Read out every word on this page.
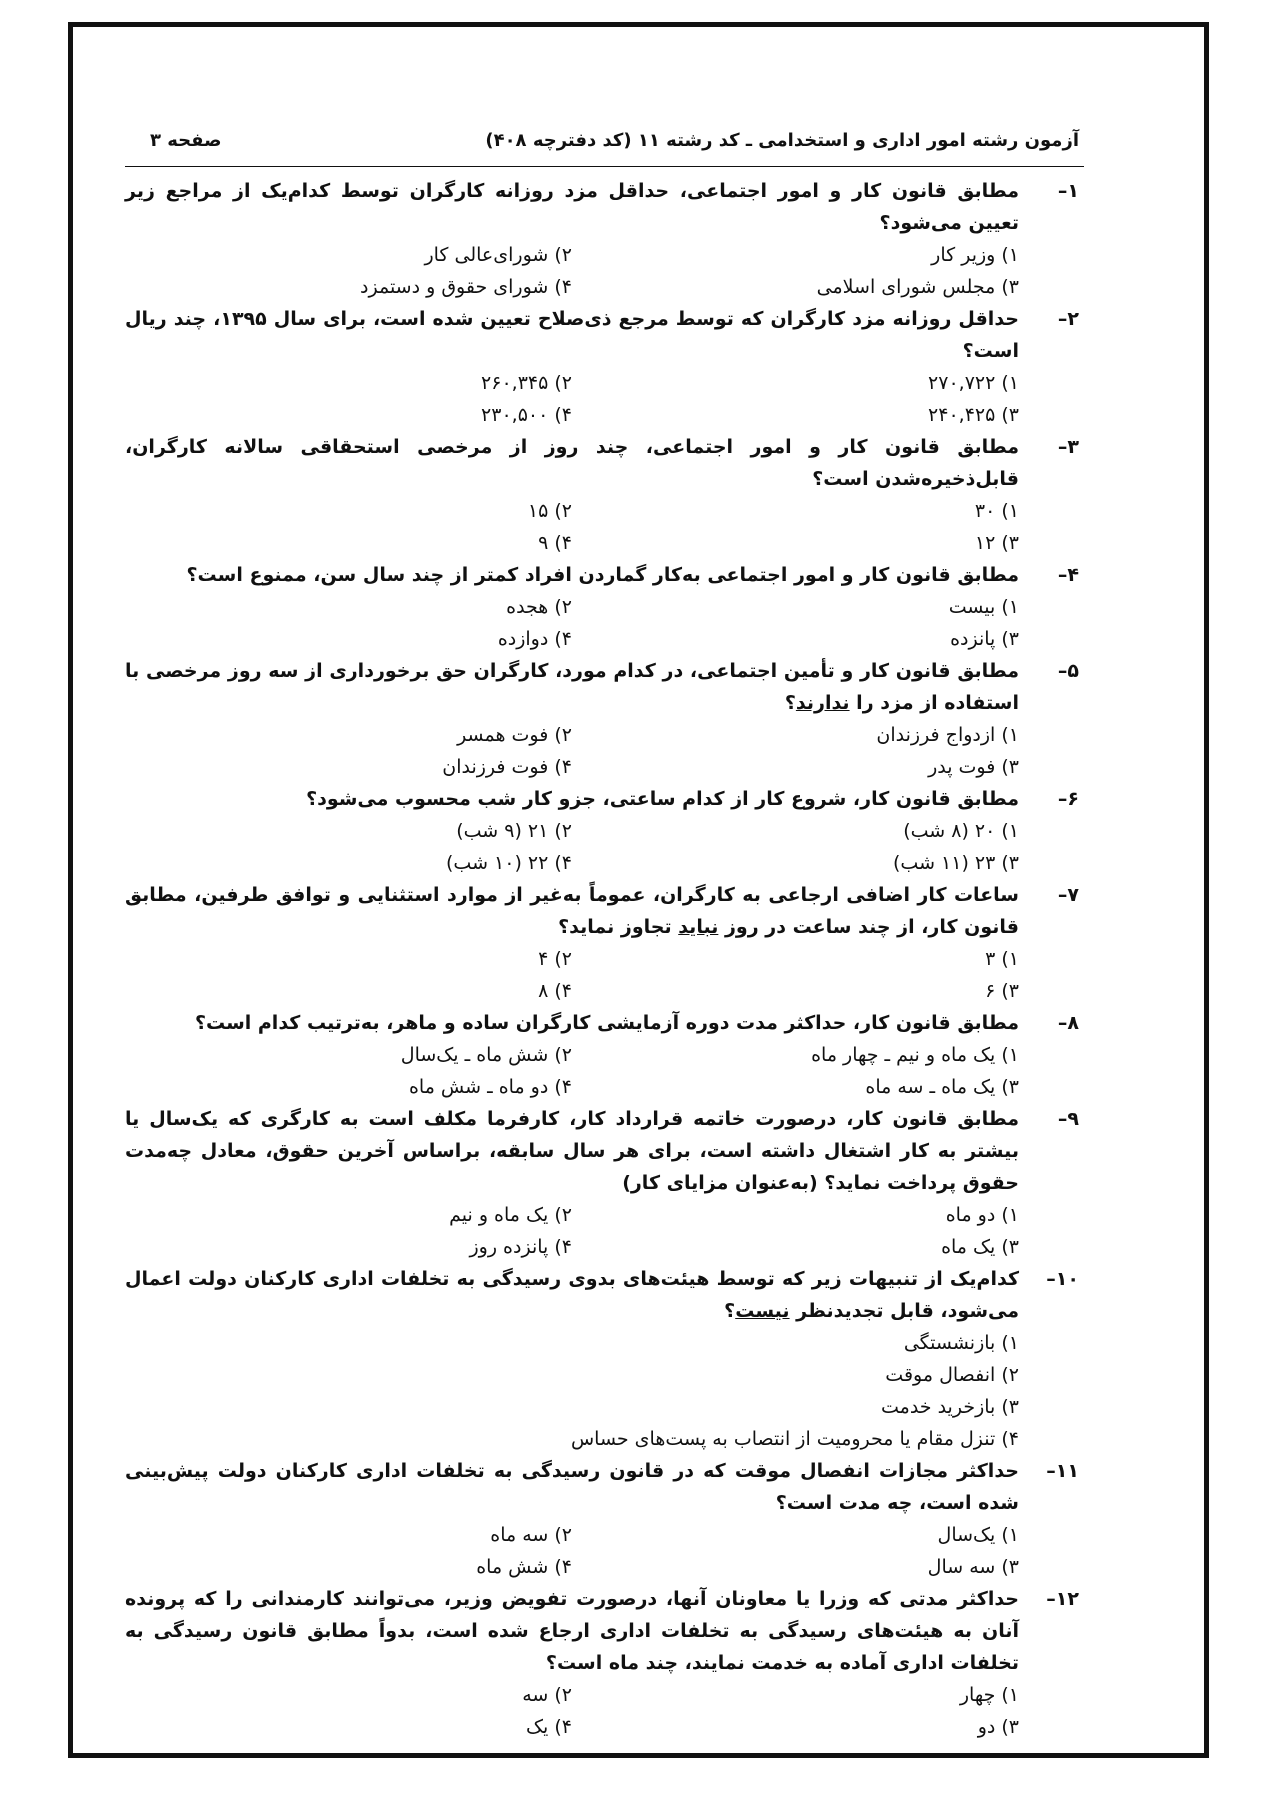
آزمون رشته امور اداری و استخدامی ـ کد رشته ۱۱ (کد دفترچه ۴۰۸)
صفحه ۳
۱–
مطابق قانون کار و امور اجتماعی، حداقل مزد روزانه کارگران توسط کدام‌یک از مراجع زیر تعیین می‌شود؟
۱) وزیر کار
۲) شورای‌عالی کار
۳) مجلس شورای اسلامی
۴) شورای حقوق و دستمزد
۲–
حداقل روزانه مزد کارگران که توسط مرجع ذی‌صلاح تعیین شده است، برای سال ۱۳۹۵، چند ریال است؟
۱) ۲۷۰,۷۲۲
۲) ۲۶۰,۳۴۵
۳) ۲۴۰,۴۲۵
۴) ۲۳۰,۵۰۰
۳–
مطابق قانون کار و امور اجتماعی، چند روز از مرخصی استحقاقی سالانه کارگران، قابل‌ذخیره‌شدن است؟
۱) ۳۰
۲) ۱۵
۳) ۱۲
۴) ۹
۴–
مطابق قانون کار و امور اجتماعی به‌کار گماردن افراد کمتر از چند سال سن، ممنوع است؟
۱) بیست
۲) هجده
۳) پانزده
۴) دوازده
۵–
مطابق قانون کار و تأمین اجتماعی، در کدام مورد، کارگران حق برخورداری از سه روز مرخصی با استفاده از مزد را ندارند؟
۱) ازدواج فرزندان
۲) فوت همسر
۳) فوت پدر
۴) فوت فرزندان
۶–
مطابق قانون کار، شروع کار از کدام ساعتی، جزو کار شب محسوب می‌شود؟
۱) ۲۰ (۸ شب)
۲) ۲۱ (۹ شب)
۳) ۲۳ (۱۱ شب)
۴) ۲۲ (۱۰ شب)
۷–
ساعات کار اضافی ارجاعی به کارگران، عموماً به‌غیر از موارد استثنایی و توافق طرفین، مطابق قانون کار، از چند ساعت در روز نباید تجاوز نماید؟
۱) ۳
۲) ۴
۳) ۶
۴) ۸
۸–
مطابق قانون کار، حداکثر مدت دوره آزمایشی کارگران ساده و ماهر، به‌ترتیب کدام است؟
۱) یک ماه و نیم ـ چهار ماه
۲) شش ماه ـ یک‌سال
۳) یک ماه ـ سه ماه
۴) دو ماه ـ شش ماه
۹–
مطابق قانون کار، درصورت خاتمه قرارداد کار، کارفرما مکلف است به کارگری که یک‌سال یا بیشتر به کار اشتغال داشته است، برای هر سال سابقه، براساس آخرین حقوق، معادل چه‌مدت حقوق پرداخت نماید؟ (به‌عنوان مزایای کار)
۱) دو ماه
۲) یک ماه و نیم
۳) یک ماه
۴) پانزده روز
۱۰–
کدام‌یک از تنبیهات زیر که توسط هیئت‌های بدوی رسیدگی به تخلفات اداری کارکنان دولت اعمال می‌شود، قابل تجدیدنظر نیست؟
۱) بازنشستگی
۲) انفصال موقت
۳) بازخرید خدمت
۴) تنزل مقام یا محرومیت از انتصاب به پست‌های حساس
۱۱–
حداکثر مجازات انفصال موقت که در قانون رسیدگی به تخلفات اداری کارکنان دولت پیش‌بینی شده است، چه مدت است؟
۱) یک‌سال
۲) سه ماه
۳) سه سال
۴) شش ماه
۱۲–
حداکثر مدتی که وزرا یا معاونان آنها، درصورت تفویض وزیر، می‌توانند کارمندانی را که پرونده آنان به هیئت‌های رسیدگی به تخلفات اداری ارجاع شده است، بدواً مطابق قانون رسیدگی به تخلفات اداری آماده به خدمت نمایند، چند ماه است؟
۱) چهار
۲) سه
۳) دو
۴) یک
